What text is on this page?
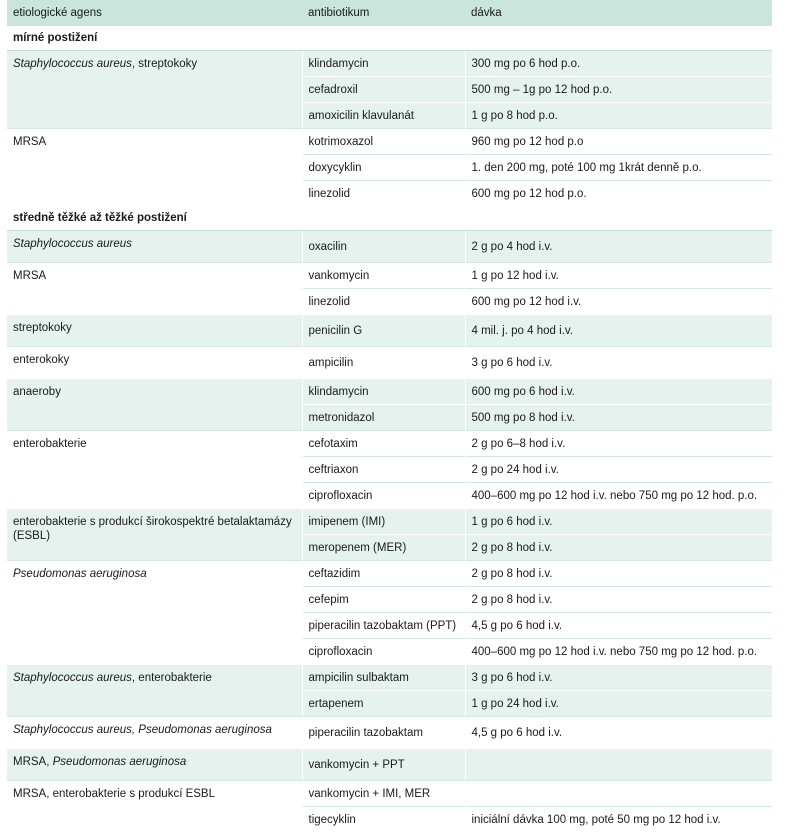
etiologické agens	antibiotikum	dávka
mírné postižení		
Staphylococcus aureus, streptokoky	klindamycin	300 mg po 6 hod p.o.
	cefadroxil	500 mg – 1g po 12 hod p.o.
	amoxicilin klavulanát	1 g po 8 hod p.o.
MRSA	kotrimoxazol	960 mg po 12 hod p.o
	doxycyklin	1. den 200 mg, poté 100 mg 1krát denně p.o.
	linezolid	600 mg po 12 hod p.o.
středně těžké až těžké postižení		
Staphylococcus aureus	oxacilin	2 g po 4 hod i.v.
MRSA	vankomycin	1 g po 12 hod i.v.
	linezolid	600 mg po 12 hod i.v.
streptokoky	penicilin G	4 mil. j. po 4 hod i.v.
enterokoky	ampicilin	3 g po 6 hod i.v.
anaeroby	klindamycin	600 mg po 6 hod i.v.
	metronidazol	500 mg po 8 hod i.v.
enterobakterie	cefotaxim	2 g po 6–8 hod i.v.
	ceftriaxon	2 g po 24 hod i.v.
	ciprofloxacin	400–600 mg po 12 hod i.v. nebo 750 mg po 12 hod. p.o.
enterobakterie s produkcí širokospektré betalaktamázy (ESBL)	imipenem (IMI)	1 g po 6 hod i.v.
	meropenem (MER)	2 g po 8 hod i.v.
Pseudomonas aeruginosa	ceftazidim	2 g po 8 hod i.v.
	cefepim	2 g po 8 hod i.v.
	piperacilin tazobaktam (PPT)	4,5 g po 6 hod i.v.
	ciprofloxacin	400–600 mg po 12 hod i.v. nebo 750 mg po 12 hod. p.o.
Staphylococcus aureus, enterobakterie	ampicilin sulbaktam	3 g po 6 hod i.v.
	ertapenem	1 g po 24 hod i.v.
Staphylococcus aureus, Pseudomonas aeruginosa	piperacilin tazobaktam	4,5 g po 6 hod i.v.
MRSA, Pseudomonas aeruginosa	vankomycin + PPT	
MRSA, enterobakterie s produkcí ESBL	vankomycin + IMI, MER	
	tigecyklin	iniciální dávka 100 mg, poté 50 mg po 12 hod i.v.
